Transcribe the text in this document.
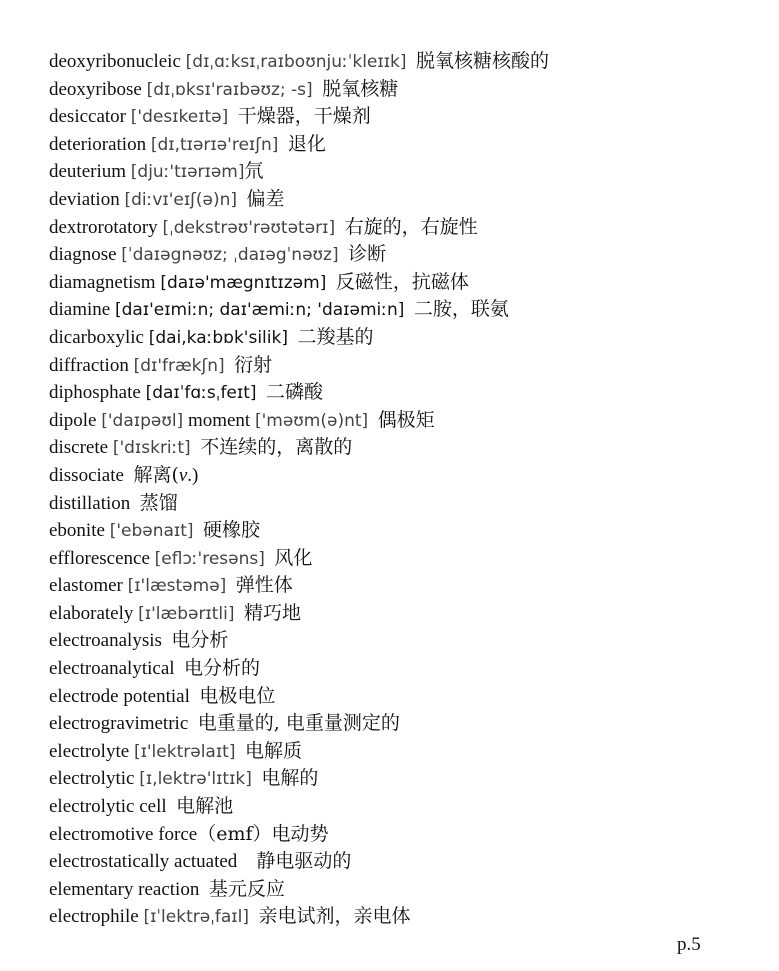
deoxyribonucleic [dɪˌɑːksɪˌraɪboʊnjuːˈkleɪɪk] 脱氧核糖核酸的
deoxyribose [dɪˌɒksɪ'raɪbəʊz; -s] 脱氧核糖
desiccator ['desɪkeɪtə] 干燥器，干燥剂
deterioration [dɪ,tɪərɪə'reɪʃn] 退化
deuterium [djuː'tɪərɪəm]氘
deviation [diːvɪ'eɪʃ(ə)n] 偏差
dextrorotatory [ˌdekstrəʊ'rəʊtətərɪ] 右旋的，右旋性
diagnose [ˈdaɪəgnəʊz; ˌdaɪəgˈnəʊz] 诊断
diamagnetism [daɪə'mægnɪtɪzəm] 反磁性，抗磁体
diamine [daɪ'eɪmiːn; daɪ'æmiːn; 'daɪəmiːn] 二胺，联氨
dicarboxylic [dai,kaːbɒk'silik] 二羧基的
diffraction [dɪ'frækʃn] 衍射
diphosphate [daɪˈfɑːsˌfeɪt] 二磷酸
dipole ['daɪpəʊl] moment ['məʊm(ə)nt] 偶极矩
discrete ['dɪskriːt] 不连续的，离散的
dissociate 解离(v.)
distillation 蒸馏
ebonite ['ebənaɪt] 硬橡胶
efflorescence [eflɔː'resəns] 风化
elastomer [ɪ'læstəmə] 弹性体
elaborately [ɪ'læbərɪtli] 精巧地
electroanalysis 电分析
electroanalytical 电分析的
electrode potential 电极电位
electrogravimetric 电重量的, 电重量测定的
electrolyte [ɪ'lektrəlaɪt] 电解质
electrolytic [ɪ,lektrə'lɪtɪk] 电解的
electrolytic cell 电解池
electromotive force（emf）电动势
electrostatically actuated 静电驱动的
elementary reaction 基元反应
electrophile [ɪˈlektrəˌfaɪl] 亲电试剂，亲电体
p.5
